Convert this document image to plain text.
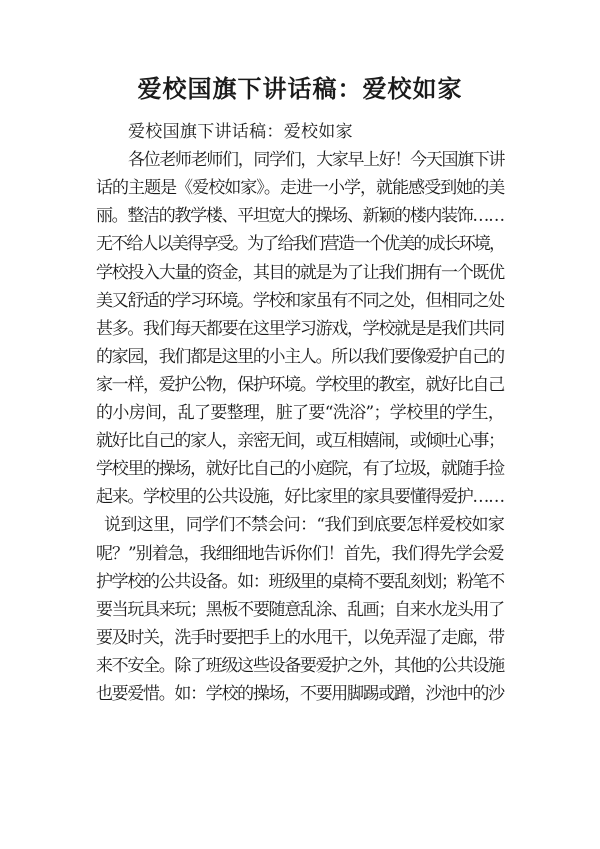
爱校国旗下讲话稿：爱校如家
爱校国旗下讲话稿：爱校如家
各位老师老师们，同学们，大家早上好！今天国旗下讲
话的主题是《爱校如家》。走进一小学，就能感受到她的美
丽。整洁的教学楼、平坦宽大的操场、新颖的楼内装饰……
无不给人以美得享受。为了给我们营造一个优美的成长环境，
学校投入大量的资金，其目的就是为了让我们拥有一个既优
美又舒适的学习环境。学校和家虽有不同之处，但相同之处
甚多。我们每天都要在这里学习游戏，学校就是是我们共同
的家园，我们都是这里的小主人。所以我们要像爱护自己的
家一样，爱护公物，保护环境。学校里的教室，就好比自己
的小房间，乱了要整理，脏了要“洗浴”；学校里的学生，
就好比自己的家人，亲密无间，或互相嬉闹，或倾吐心事；
学校里的操场，就好比自己的小庭院，有了垃圾，就随手捡
起来。学校里的公共设施，好比家里的家具要懂得爱护……
说到这里，同学们不禁会问：“我们到底要怎样爱校如家
呢？”别着急，我细细地告诉你们！首先，我们得先学会爱
护学校的公共设备。如：班级里的桌椅不要乱刻划；粉笔不
要当玩具来玩；黑板不要随意乱涂、乱画；自来水龙头用了
要及时关，洗手时要把手上的水甩干，以免弄湿了走廊，带
来不安全。除了班级这些设备要爱护之外，其他的公共设施
也要爱惜。如：学校的操场，不要用脚踢或蹭，沙池中的沙
